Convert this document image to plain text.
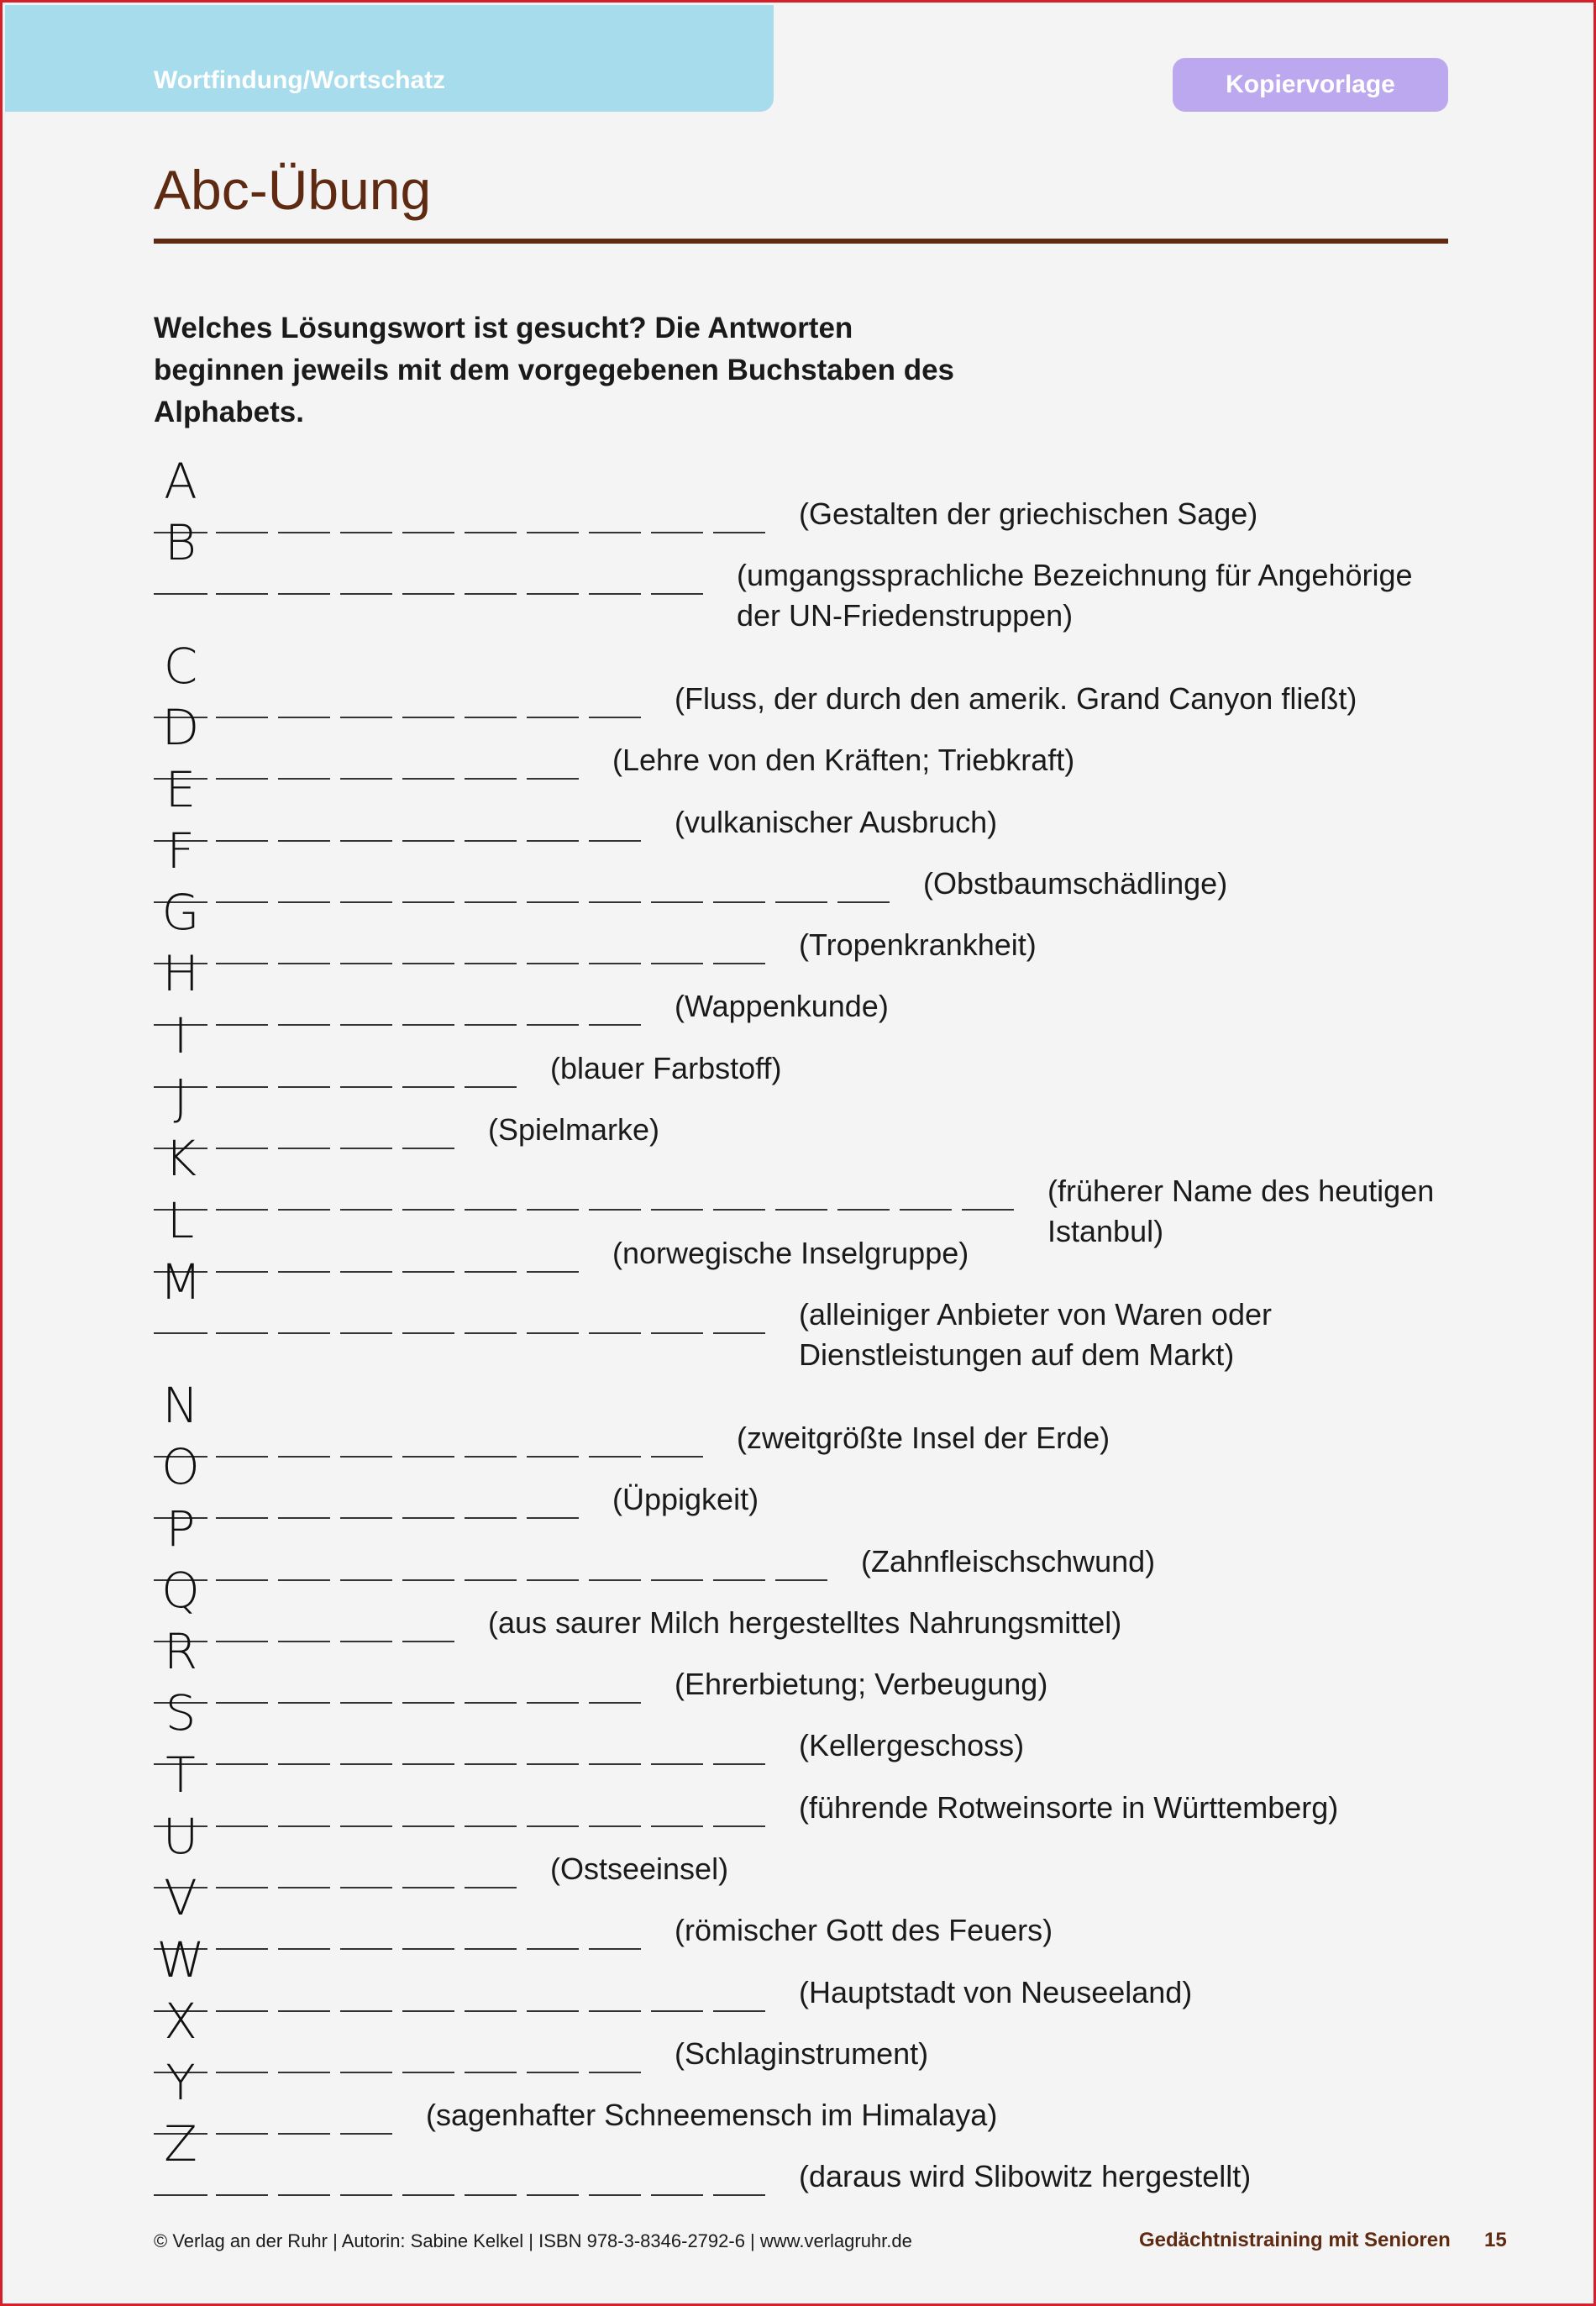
Wortfindung/Wortschatz	Kopiervorlage
Abc-Übung

Welches Lösungswort ist gesucht? Die Antworten beginnen jeweils mit dem vorgegebenen Buchstaben des Alphabets.

A
(Gestalten der griechischen Sage)
B
(umgangssprachliche Bezeichnung für Angehörige
der UN-Friedenstruppen)
C
(Fluss, der durch den amerik. Grand Canyon fließt)
D
(Lehre von den Kräften; Triebkraft)
E
(vulkanischer Ausbruch)
F
(Obstbaumschädlinge)
G
(Tropenkrankheit)
H
(Wappenkunde)
I
(blauer Farbstoff)
J
(Spielmarke)
K
(früherer Name des heutigen
Istanbul)
L
(norwegische Inselgruppe)
M
(alleiniger Anbieter von Waren oder
Dienstleistungen auf dem Markt)
N
(zweitgrößte Insel der Erde)
O
(Üppigkeit)
P
(Zahnfleischschwund)
Q
(aus saurer Milch hergestelltes Nahrungsmittel)
R
(Ehrerbietung; Verbeugung)
S
(Kellergeschoss)
T
(führende Rotweinsorte in Württemberg)
U
(Ostseeinsel)
V
(römischer Gott des Feuers)
W
(Hauptstadt von Neuseeland)
X
(Schlaginstrument)
Y
(sagenhafter Schneemensch im Himalaya)
Z
(daraus wird Slibowitz hergestellt)
© Verlag an der Ruhr | Autorin: Sabine Kelkel | ISBN 978-3-8346-2792-6 | www.verlagruhr.de	Gedächtnistraining mit Senioren 15
